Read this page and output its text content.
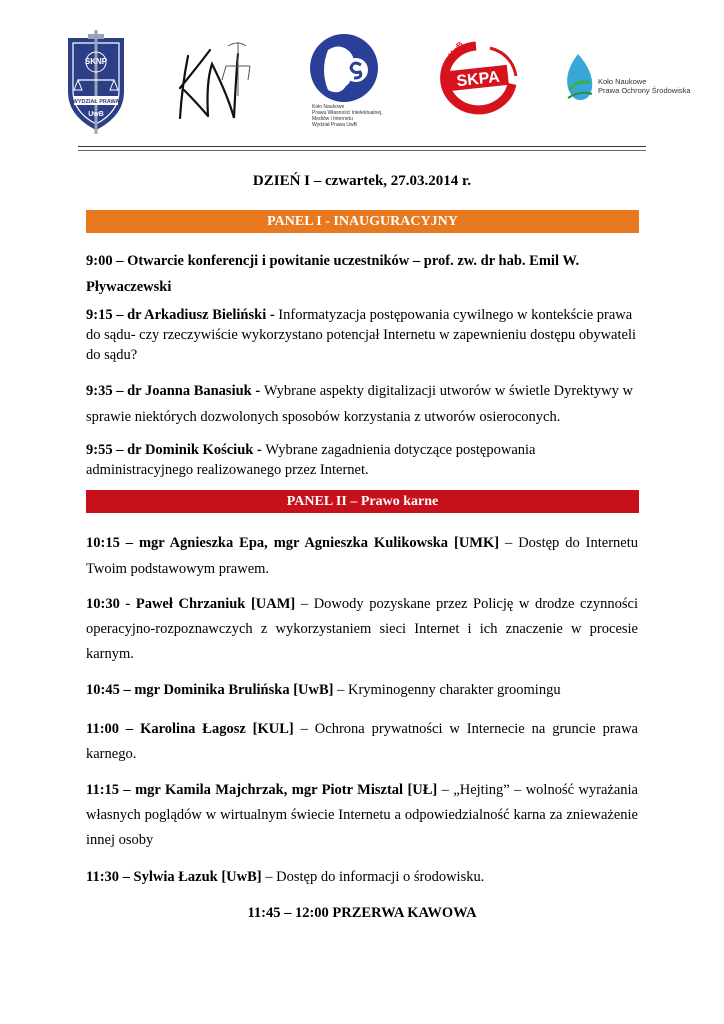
SKNP
WYDZIAŁ PRAWA
UwB
Koło Naukowe
Prawa Własności Intelektualnej,
Mediów i Internetu
Wydział Prawa UwB
SKPA
UwB
2006
Koło Naukowe
Prawa Ochrony Środowiska
DZIEŃ I – czwartek, 27.03.2014 r.
PANEL I - INAUGURACYJNY
9:00 – Otwarcie konferencji i powitanie uczestników – prof. zw. dr hab. Emil W. Pływaczewski
9:15 – dr Arkadiusz Bieliński - Informatyzacja postępowania cywilnego w kontekście prawa do sądu- czy rzeczywiście wykorzystano potencjał Internetu w zapewnieniu dostępu obywateli do sądu?
9:35 – dr Joanna Banasiuk - Wybrane aspekty digitalizacji utworów w świetle Dyrektywy w sprawie niektórych dozwolonych sposobów korzystania z utworów osieroconych.
9:55 – dr Dominik Kościuk - Wybrane zagadnienia dotyczące postępowania administracyjnego realizowanego przez Internet.
PANEL II – Prawo karne
10:15 – mgr Agnieszka Epa, mgr Agnieszka Kulikowska [UMK] – Dostęp do Internetu Twoim podstawowym prawem.
10:30 - Paweł Chrzaniuk [UAM] – Dowody pozyskane przez Policję w drodze czynności operacyjno-rozpoznawczych z wykorzystaniem sieci Internet i ich znaczenie w procesie karnym.
10:45 – mgr Dominika Brulińska [UwB] – Kryminogenny charakter groomingu
11:00 – Karolina Łagosz [KUL] – Ochrona prywatności w Internecie na gruncie prawa karnego.
11:15 – mgr Kamila Majchrzak, mgr Piotr Misztal [UŁ] – „Hejting” – wolność wyrażania własnych poglądów w wirtualnym świecie Internetu a odpowiedzialność karna za znieważenie innej osoby
11:30 – Sylwia Łazuk [UwB] – Dostęp do informacji o środowisku.
11:45 – 12:00 PRZERWA KAWOWA
